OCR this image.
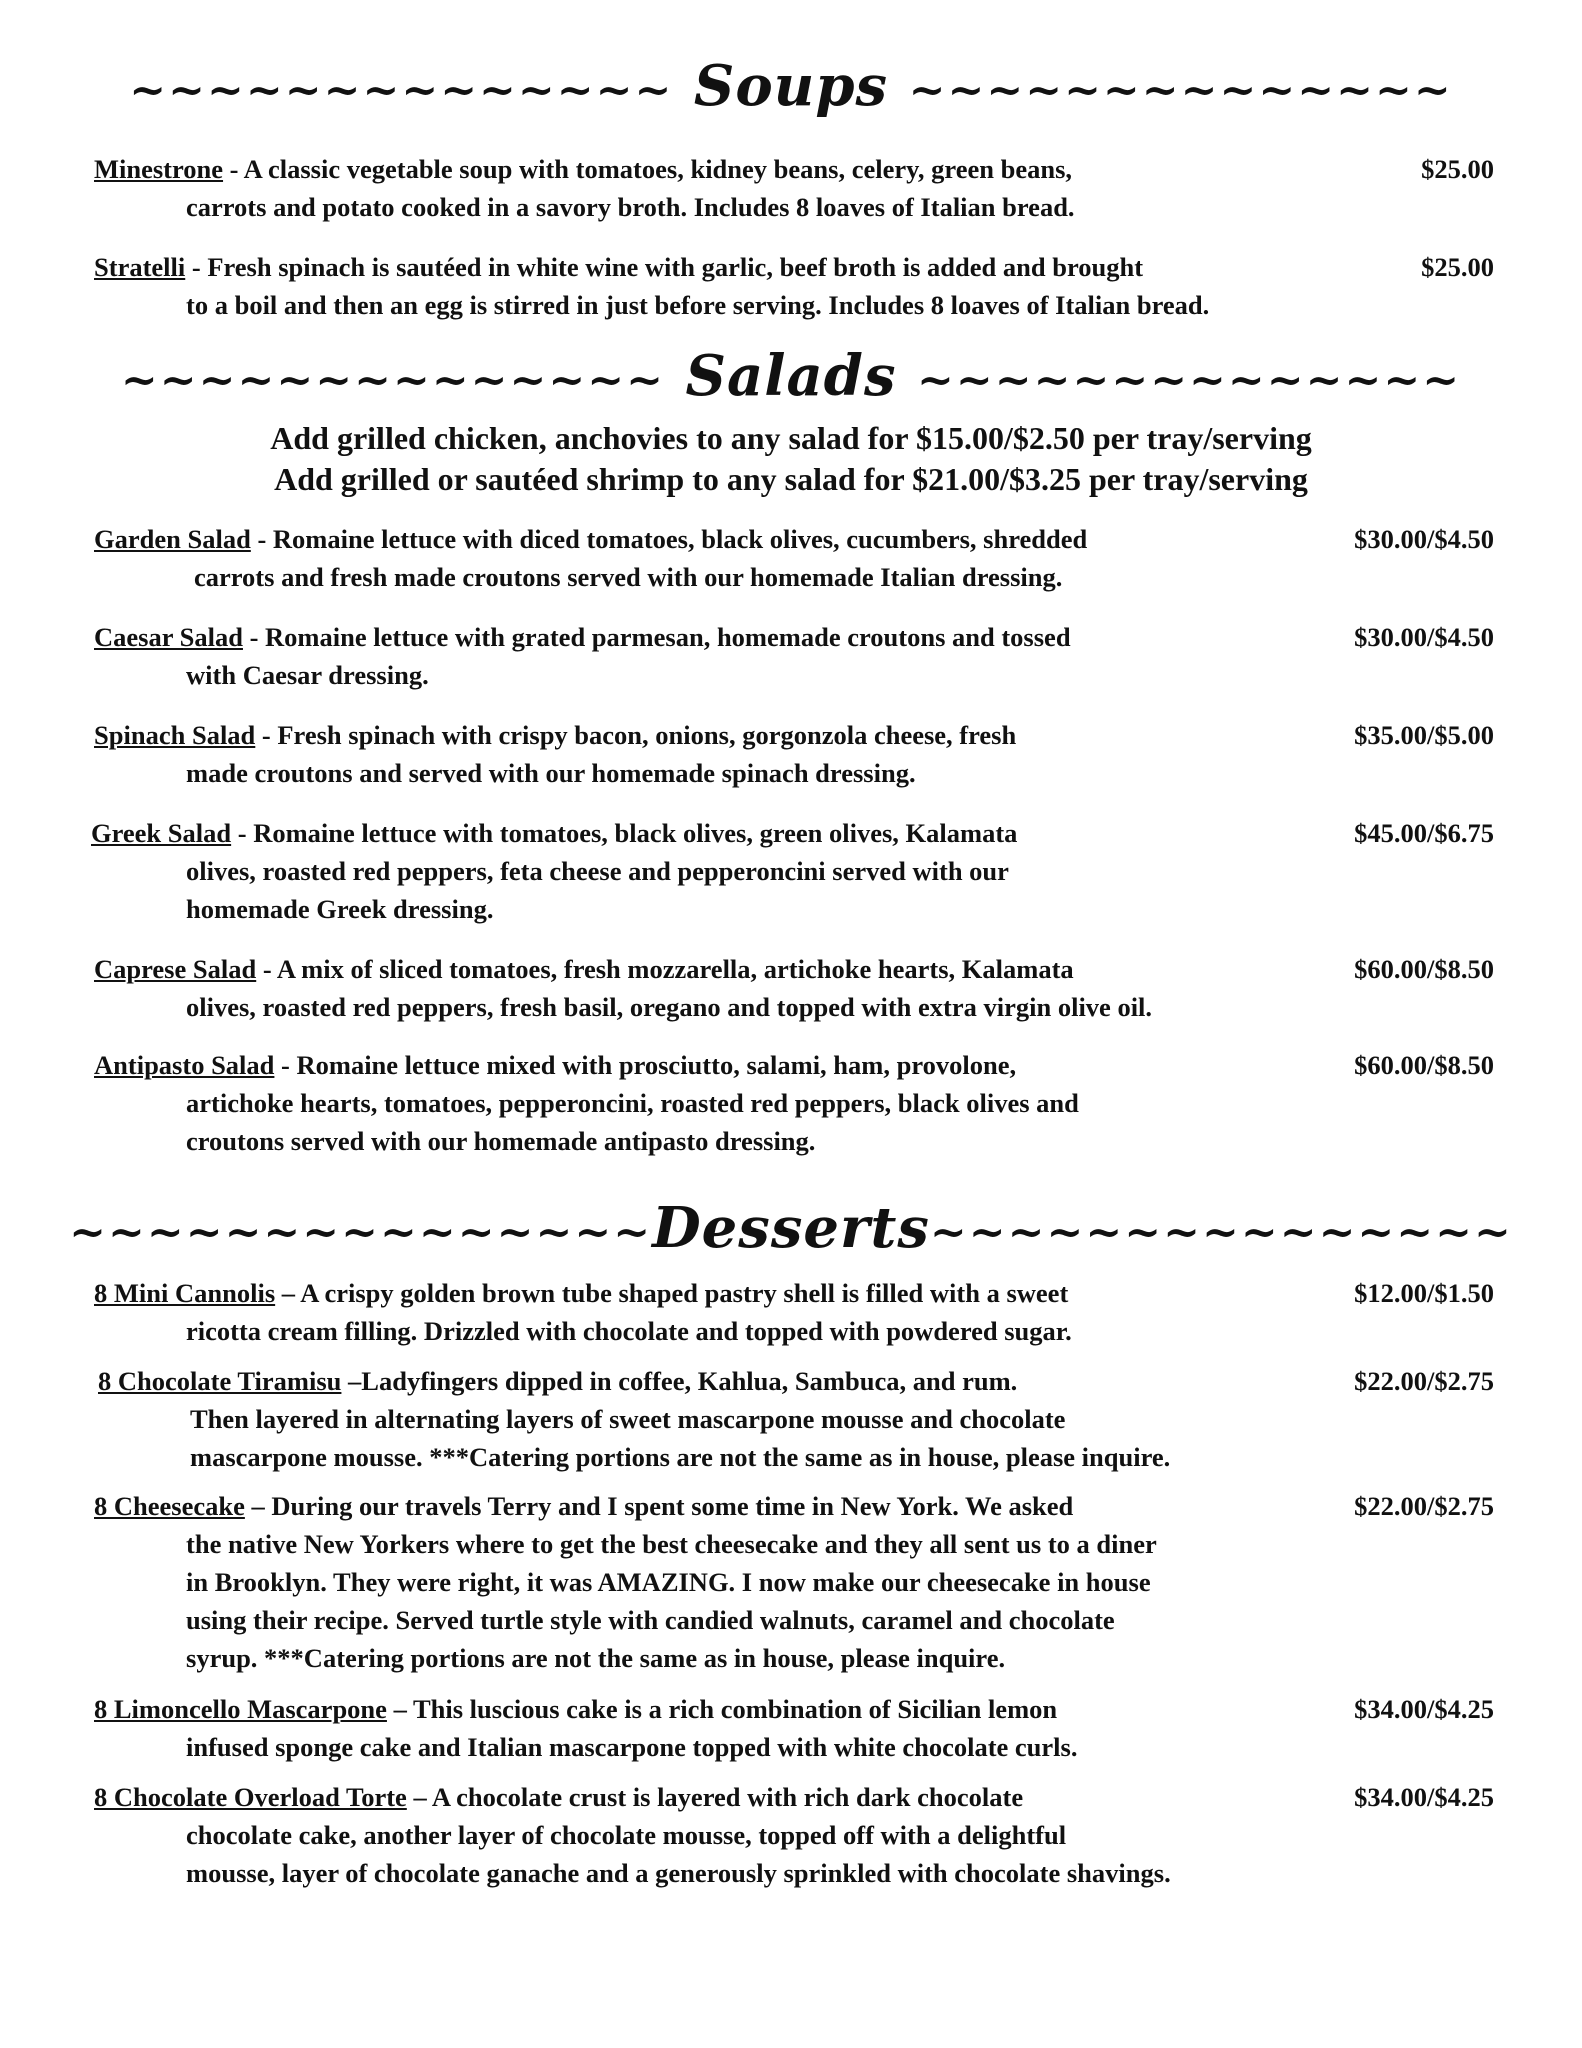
~~~~~~~~~~~~~~ Soups ~~~~~~~~~~~~~~
Minestrone - A classic vegetable soup with tomatoes, kidney beans, celery, green beans,
carrots and potato cooked in a savory broth. Includes 8 loaves of Italian bread.
$25.00
Stratelli - Fresh spinach is sautéed in white wine with garlic, beef broth is added and brought
to a boil and then an egg is stirred in just before serving. Includes 8 loaves of Italian bread.
$25.00
~~~~~~~~~~~~~~ Salads ~~~~~~~~~~~~~~
Add grilled chicken, anchovies to any salad for $15.00/$2.50 per tray/serving
Add grilled or sautéed shrimp to any salad for $21.00/$3.25 per tray/serving
Garden Salad - Romaine lettuce with diced tomatoes, black olives, cucumbers, shredded
carrots and fresh made croutons served with our homemade Italian dressing.
$30.00/$4.50
Caesar Salad - Romaine lettuce with grated parmesan, homemade croutons and tossed
with Caesar dressing.
$30.00/$4.50
Spinach Salad - Fresh spinach with crispy bacon, onions, gorgonzola cheese, fresh
made croutons and served with our homemade spinach dressing.
$35.00/$5.00
Greek Salad - Romaine lettuce with tomatoes, black olives, green olives, Kalamata
olives, roasted red peppers, feta cheese and pepperoncini served with our
homemade Greek dressing.
$45.00/$6.75
Caprese Salad - A mix of sliced tomatoes, fresh mozzarella, artichoke hearts, Kalamata
olives, roasted red peppers, fresh basil, oregano and topped with extra virgin olive oil.
$60.00/$8.50
Antipasto Salad - Romaine lettuce mixed with prosciutto, salami, ham, provolone,
artichoke hearts, tomatoes, pepperoncini, roasted red peppers, black olives and
croutons served with our homemade antipasto dressing.
$60.00/$8.50
~~~~~~~~~~~~~~~Desserts~~~~~~~~~~~~~~~
8 Mini Cannolis – A crispy golden brown tube shaped pastry shell is filled with a sweet
ricotta cream filling. Drizzled with chocolate and topped with powdered sugar.
$12.00/$1.50
8 Chocolate Tiramisu –Ladyfingers dipped in coffee, Kahlua, Sambuca, and rum.
Then layered in alternating layers of sweet mascarpone mousse and chocolate
mascarpone mousse. ***Catering portions are not the same as in house, please inquire.
$22.00/$2.75
8 Cheesecake – During our travels Terry and I spent some time in New York. We asked
the native New Yorkers where to get the best cheesecake and they all sent us to a diner
in Brooklyn. They were right, it was AMAZING. I now make our cheesecake in house
using their recipe. Served turtle style with candied walnuts, caramel and chocolate
syrup. ***Catering portions are not the same as in house, please inquire.
$22.00/$2.75
8 Limoncello Mascarpone – This luscious cake is a rich combination of Sicilian lemon
infused sponge cake and Italian mascarpone topped with white chocolate curls.
$34.00/$4.25
8 Chocolate Overload Torte – A chocolate crust is layered with rich dark chocolate
chocolate cake, another layer of chocolate mousse, topped off with a delightful
mousse, layer of chocolate ganache and a generously sprinkled with chocolate shavings.
$34.00/$4.25
